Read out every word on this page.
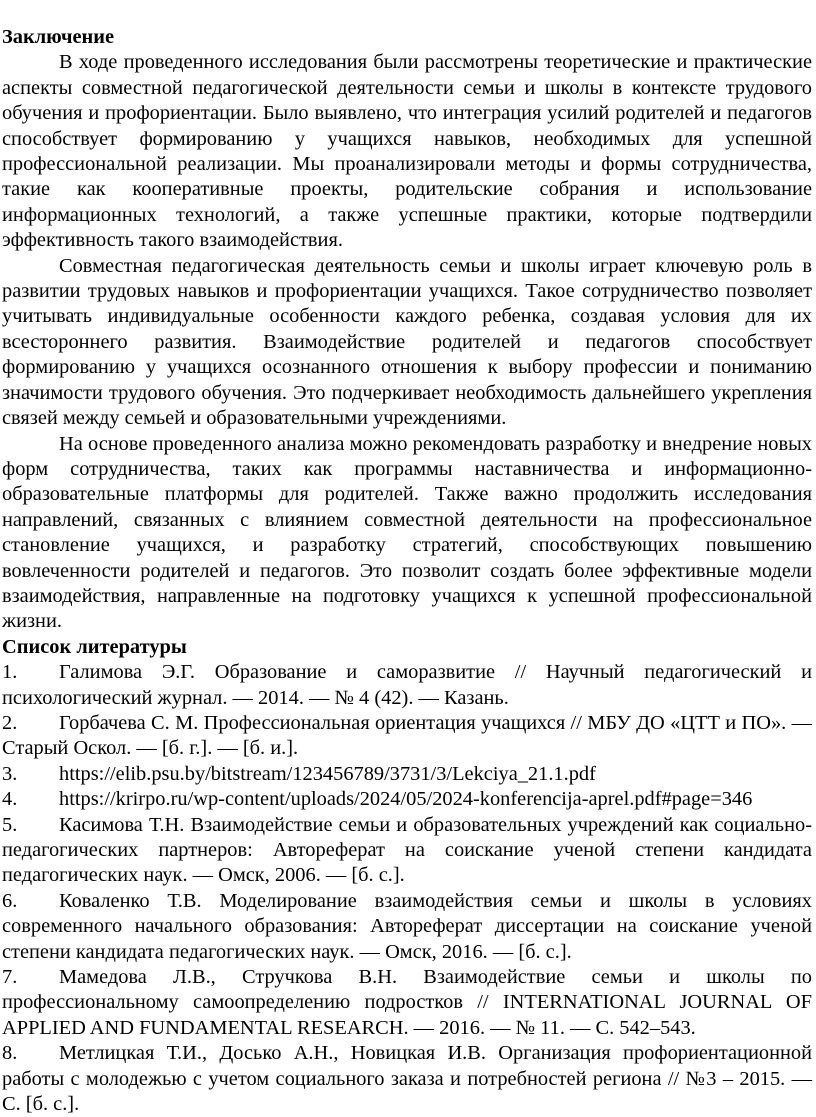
Заключение

В ходе проведенного исследования были рассмотрены теоретические и практические аспекты совместной педагогической деятельности семьи и школы в контексте трудового обучения и профориентации. Было выявлено, что интеграция усилий родителей и педагогов способствует формированию у учащихся навыков, необходимых для успешной профессиональной реализации. Мы проанализировали методы и формы сотрудничества, такие как кооперативные проекты, родительские собрания и использование информационных технологий, а также успешные практики, которые подтвердили эффективность такого взаимодействия.

Совместная педагогическая деятельность семьи и школы играет ключевую роль в развитии трудовых навыков и профориентации учащихся. Такое сотрудничество позволяет учитывать индивидуальные особенности каждого ребенка, создавая условия для их всестороннего развития. Взаимодействие родителей и педагогов способствует формированию у учащихся осознанного отношения к выбору профессии и пониманию значимости трудового обучения. Это подчеркивает необходимость дальнейшего укрепления связей между семьей и образовательными учреждениями.

На основе проведенного анализа можно рекомендовать разработку и внедрение новых форм сотрудничества, таких как программы наставничества и информационно-образовательные платформы для родителей. Также важно продолжить исследования направлений, связанных с влиянием совместной деятельности на профессиональное становление учащихся, и разработку стратегий, способствующих повышению вовлеченности родителей и педагогов. Это позволит создать более эффективные модели взаимодействия, направленные на подготовку учащихся к успешной профессиональной жизни.

Список литературы
1. Галимова Э.Г. Образование и саморазвитие // Научный педагогический и психологический журнал. — 2014. — № 4 (42). — Казань.
2. Горбачева С. М. Профессиональная ориентация учащихся // МБУ ДО «ЦТТ и ПО». — Старый Оскол. — [б. г.]. — [б. и.].
3. https://elib.psu.by/bitstream/123456789/3731/3/Lekciya_21.1.pdf
4. https://krirpo.ru/wp-content/uploads/2024/05/2024-konferencija-aprel.pdf#page=346
5. Касимова Т.Н. Взаимодействие семьи и образовательных учреждений как социально-педагогических партнеров: Автореферат на соискание ученой степени кандидата педагогических наук. — Омск, 2006. — [б. с.].
6. Коваленко Т.В. Моделирование взаимодействия семьи и школы в условиях современного начального образования: Автореферат диссертации на соискание ученой степени кандидата педагогических наук. — Омск, 2016. — [б. с.].
7. Мамедова Л.В., Стручкова В.Н. Взаимодействие семьи и школы по профессиональному самоопределению подростков // INTERNATIONAL JOURNAL OF APPLIED AND FUNDAMENTAL RESEARCH. — 2016. — № 11. — С. 542–543.
8. Метлицкая Т.И., Досько А.Н., Новицкая И.В. Организация профориентационной работы с молодежью с учетом социального заказа и потребностей региона // №3 – 2015. — С. [б. с.].
